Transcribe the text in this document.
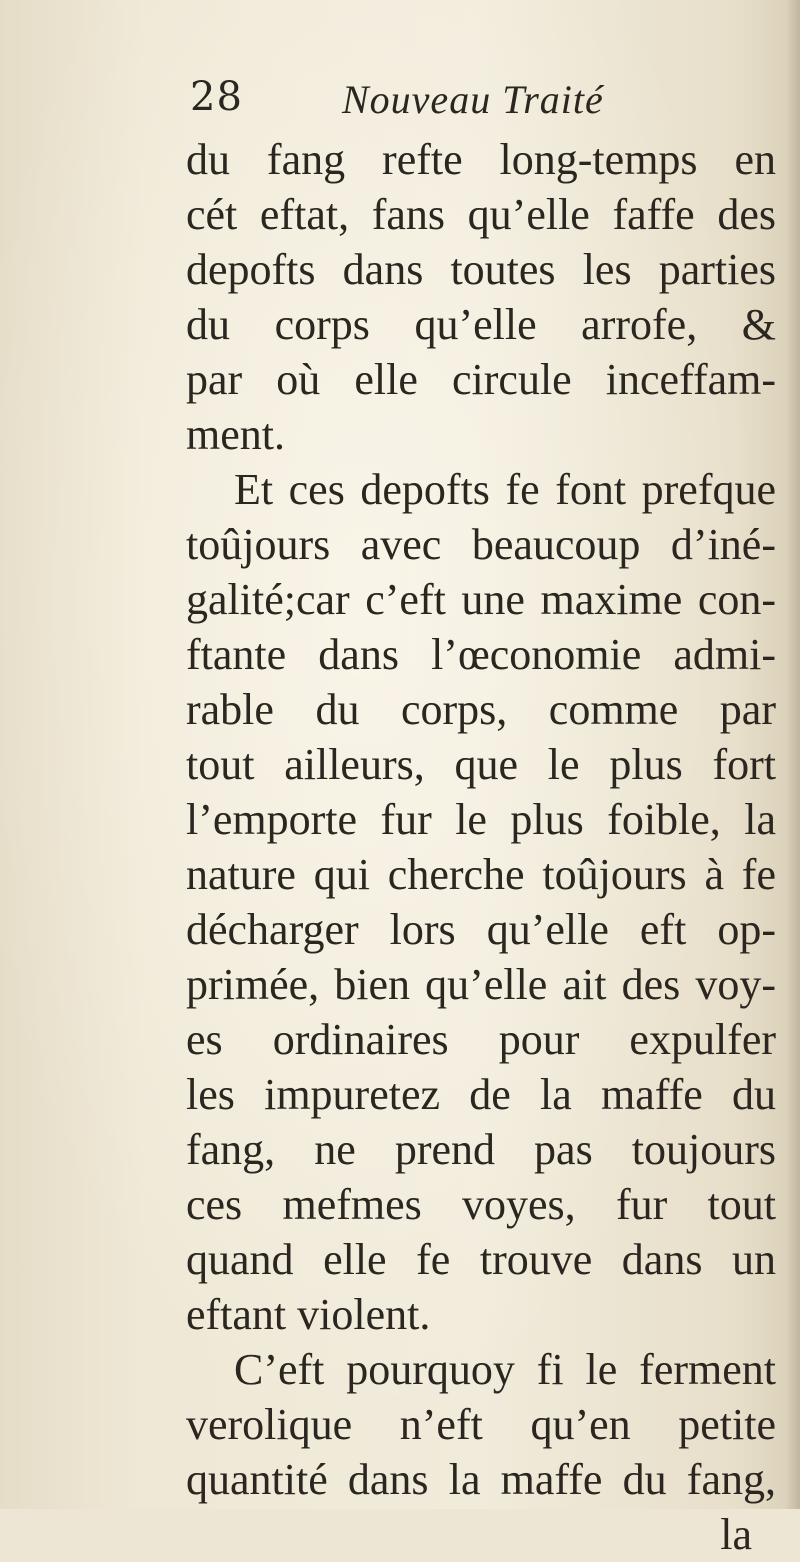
28 Nouveau Traité
du fang refte long-temps en
cét eftat, fans qu’elle faffe des
depofts dans toutes les parties
du corps qu’elle arrofe, &
par où elle circule inceffam-
ment.
Et ces depofts fe font prefque
toûjours avec beaucoup d’iné-
galité;car c’eft une maxime con-
ftante dans l’œconomie admi-
rable du corps, comme par
tout ailleurs, que le plus fort
l’emporte fur le plus foible, la
nature qui cherche toûjours à fe
décharger lors qu’elle eft op-
primée, bien qu’elle ait des voy-
es ordinaires pour expulfer
les impuretez de la maffe du
fang, ne prend pas toujours
ces mefmes voyes, fur tout
quand elle fe trouve dans un
eftant violent.
C’eft pourquoy fi le ferment
verolique n’eft qu’en petite
quantité dans la maffe du fang,
la
